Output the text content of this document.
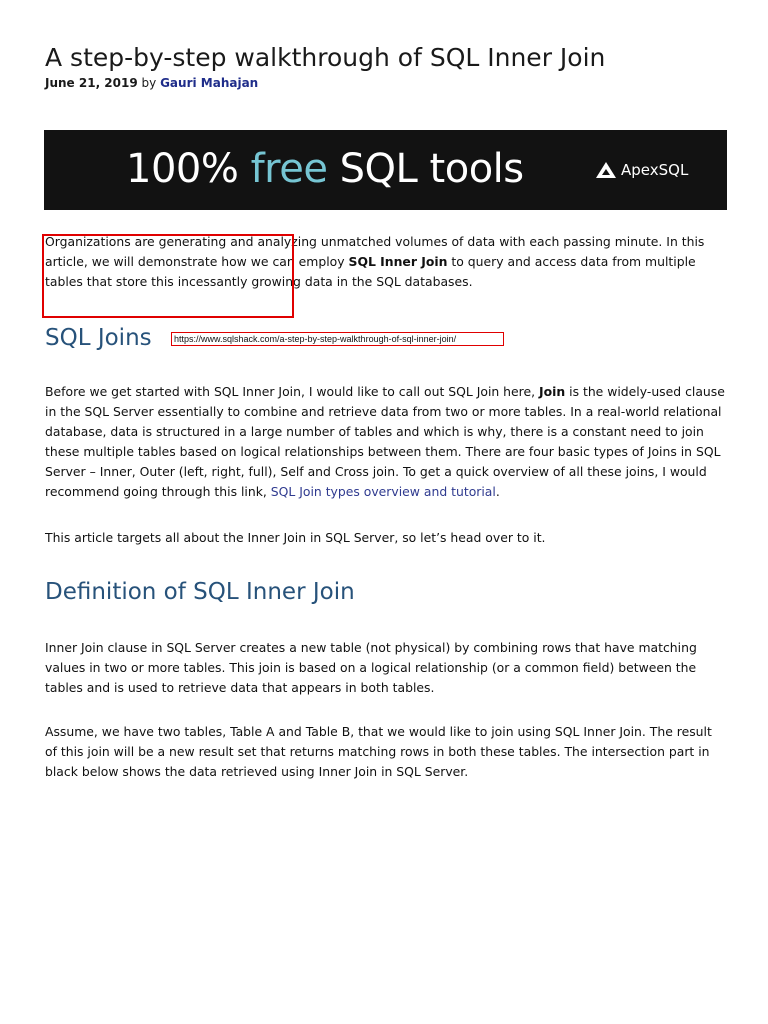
A step-by-step walkthrough of SQL Inner Join
June 21, 2019 by Gauri Mahajan
100% free SQL tools	ApexSQL

Organizations are generating and analyzing unmatched volumes of data with each passing minute. In this article, we will demonstrate how we can employ SQL Inner Join to query and access data from multiple tables that store this incessantly growing data in the SQL databases.

SQL Joins	https://www.sqlshack.com/a-step-by-step-walkthrough-of-sql-inner-join/

Before we get started with SQL Inner Join, I would like to call out SQL Join here, Join is the widely-used clause in the SQL Server essentially to combine and retrieve data from two or more tables. In a real-world relational database, data is structured in a large number of tables and which is why, there is a constant need to join these multiple tables based on logical relationships between them. There are four basic types of Joins in SQL Server – Inner, Outer (left, right, full), Self and Cross join. To get a quick overview of all these joins, I would recommend going through this link, SQL Join types overview and tutorial.

This article targets all about the Inner Join in SQL Server, so let’s head over to it.

Definition of SQL Inner Join

Inner Join clause in SQL Server creates a new table (not physical) by combining rows that have matching values in two or more tables. This join is based on a logical relationship (or a common field) between the tables and is used to retrieve data that appears in both tables.

Assume, we have two tables, Table A and Table B, that we would like to join using SQL Inner Join. The result of this join will be a new result set that returns matching rows in both these tables. The intersection part in black below shows the data retrieved using Inner Join in SQL Server.
